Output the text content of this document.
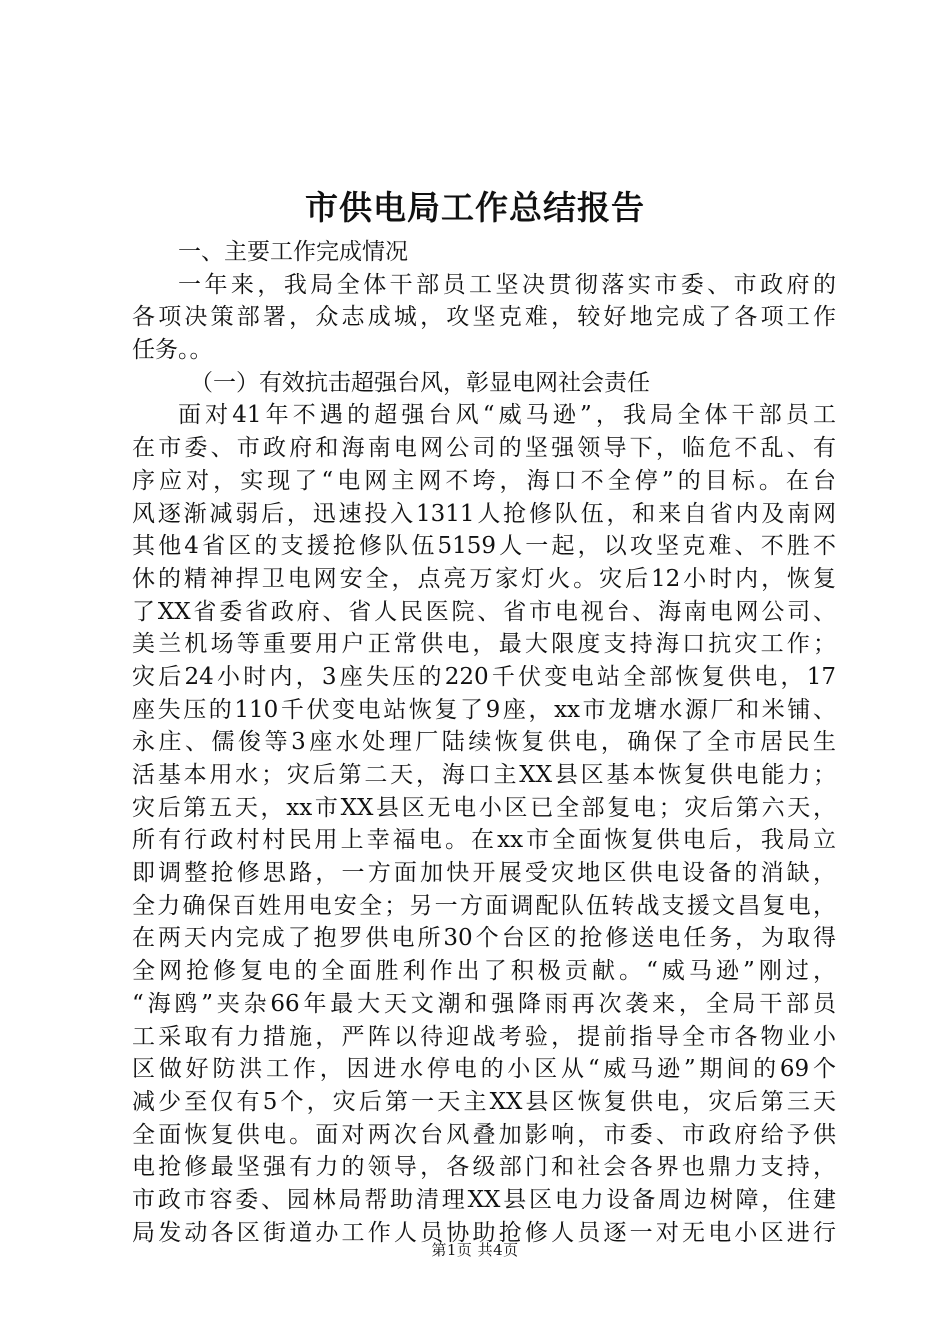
市供电局工作总结报告
一、主要工作完成情况
一年来，我局全体干部员工坚决贯彻落实市委、市政府的
各项决策部署，众志成城，攻坚克难，较好地完成了各项工作
任务。。
（一）有效抗击超强台风，彰显电网社会责任
面对41年不遇的超强台风“威马逊”，我局全体干部员工
在市委、市政府和海南电网公司的坚强领导下，临危不乱、有
序应对，实现了“电网主网不垮，海口不全停”的目标。在台
风逐渐减弱后，迅速投入1311人抢修队伍，和来自省内及南网
其他4省区的支援抢修队伍5159人一起，以攻坚克难、不胜不
休的精神捍卫电网安全，点亮万家灯火。灾后12小时内，恢复
了XX省委省政府、省人民医院、省市电视台、海南电网公司、
美兰机场等重要用户正常供电，最大限度支持海口抗灾工作；
灾后24小时内，3座失压的220千伏变电站全部恢复供电，17
座失压的110千伏变电站恢复了9座，xx市龙塘水源厂和米铺、
永庄、儒俊等3座水处理厂陆续恢复供电，确保了全市居民生
活基本用水；灾后第二天，海口主XX县区基本恢复供电能力；
灾后第五天，xx市XX县区无电小区已全部复电；灾后第六天，
所有行政村村民用上幸福电。在xx市全面恢复供电后，我局立
即调整抢修思路，一方面加快开展受灾地区供电设备的消缺，
全力确保百姓用电安全；另一方面调配队伍转战支援文昌复电，
在两天内完成了抱罗供电所30个台区的抢修送电任务，为取得
全网抢修复电的全面胜利作出了积极贡献。“威马逊”刚过，
“海鸥”夹杂66年最大天文潮和强降雨再次袭来，全局干部员
工采取有力措施，严阵以待迎战考验，提前指导全市各物业小
区做好防洪工作，因进水停电的小区从“威马逊”期间的69个
减少至仅有5个，灾后第一天主XX县区恢复供电，灾后第三天
全面恢复供电。面对两次台风叠加影响，市委、市政府给予供
电抢修最坚强有力的领导，各级部门和社会各界也鼎力支持，
市政市容委、园林局帮助清理XX县区电力设备周边树障，住建
局发动各区街道办工作人员协助抢修人员逐一对无电小区进行
第1页 共4页
